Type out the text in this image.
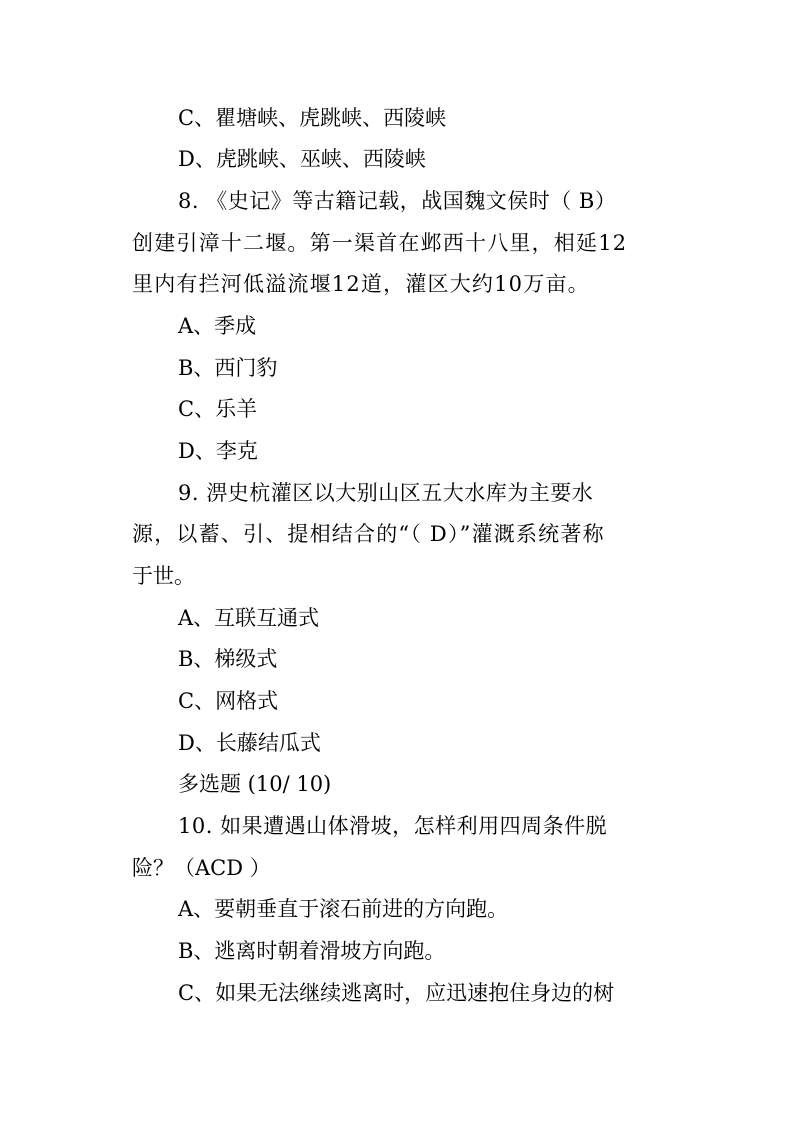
C、瞿塘峡、虎跳峡、西陵峡
D、虎跳峡、巫峡、西陵峡
8. 《史记》等古籍记载，战国魏文侯时（ B）
创建引漳十二堰。第一渠首在邺西十八里，相延12
里内有拦河低溢流堰12道，灌区大约10万亩。
A、季成
B、西门豹
C、乐羊
D、李克
9. 淠史杭灌区以大别山区五大水库为主要水
源，以蓄、引、提相结合的“（ D）”灌溉系统著称
于世。
A、互联互通式
B、梯级式
C、网格式
D、长藤结瓜式
多选题 (10/ 10)
10. 如果遭遇山体滑坡，怎样利用四周条件脱
险？（ACD ）
A、要朝垂直于滚石前进的方向跑。
B、逃离时朝着滑坡方向跑。
C、如果无法继续逃离时，应迅速抱住身边的树
